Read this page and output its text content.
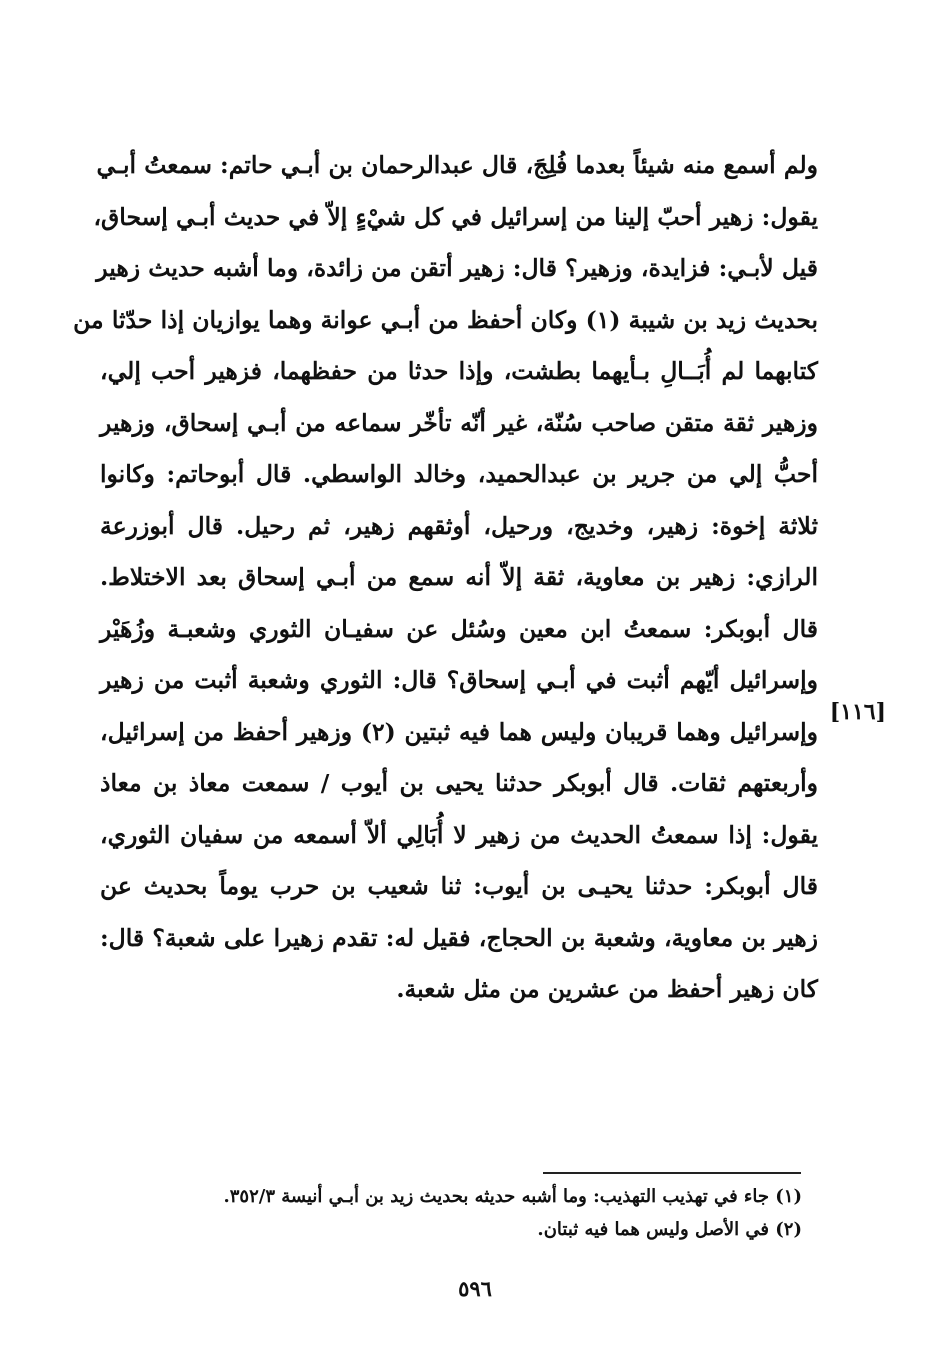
ولم أسمع منه شيئاً بعدما فُلِجَ، قال عبدالرحمان بن أبـي حاتم: سمعتُ أبـي
يقول: زهير أحبّ إلينا من إسرائيل في كل شيْءٍ إلاّ في حديث أبـي إسحاق،
قيل لأبـي: فزايدة، وزهير؟ قال: زهير أتقن من زائدة، وما أشبه حديث زهير
بحديث زيد بن شيبة (١) وكان أحفظ من أبـي عوانة وهما يوازيان إذا حدّثا من
كتابهما لم أُبَــالِ بـأيهما بطشت، وإذا حدثا من حفظهما، فزهير أحب إلي،
وزهير ثقة متقن صاحب سُنّة، غير أنّه تأخّر سماعه من أبـي إسحاق، وزهير
أحبُّ إلي من جرير بن عبدالحميد، وخالد الواسطي. قال أبوحاتم: وكانوا
ثلاثة إخوة: زهير، وخديج، ورحيل، أوثقهم زهير، ثم رحيل. قال أبوزرعة
الرازي: زهير بن معاوية، ثقة إلاّ أنه سمع من أبـي إسحاق بعد الاختلاط.
قال أبوبكر: سمعتُ ابن معين وسُئل عن سفيـان الثوري وشعبـة وزُهَيْر
وإسرائيل أيّهم أثبت في أبـي إسحاق؟ قال: الثوري وشعبة أثبت من زهير
وإسرائيل وهما قريبان وليس هما فيه ثبتين (٢) وزهير أحفظ من إسرائيل،
وأربعتهم ثقات. قال أبوبكر حدثنا يحيى بن أيوب / سمعت معاذ بن معاذ
يقول: إذا سمعتُ الحديث من زهير لا أُبَالِي ألاّ أسمعه من سفيان الثوري،
قال أبوبكر: حدثنا يحيـى بن أيوب: ثنا شعيب بن حرب يوماً بحديث عن
زهير بن معاوية، وشعبة بن الحجاج، فقيل له: تقدم زهيرا على شعبة؟ قال:
كان زهير أحفظ من عشرين من مثل شعبة.
[١١٦]
(١) جاء في تهذيب التهذيب: وما أشبه حديثه بحديث زيد بن أبـي أنيسة ٣٥٢/٣.
(٢) في الأصل وليس هما فيه ثبتان.
٥٩٦
